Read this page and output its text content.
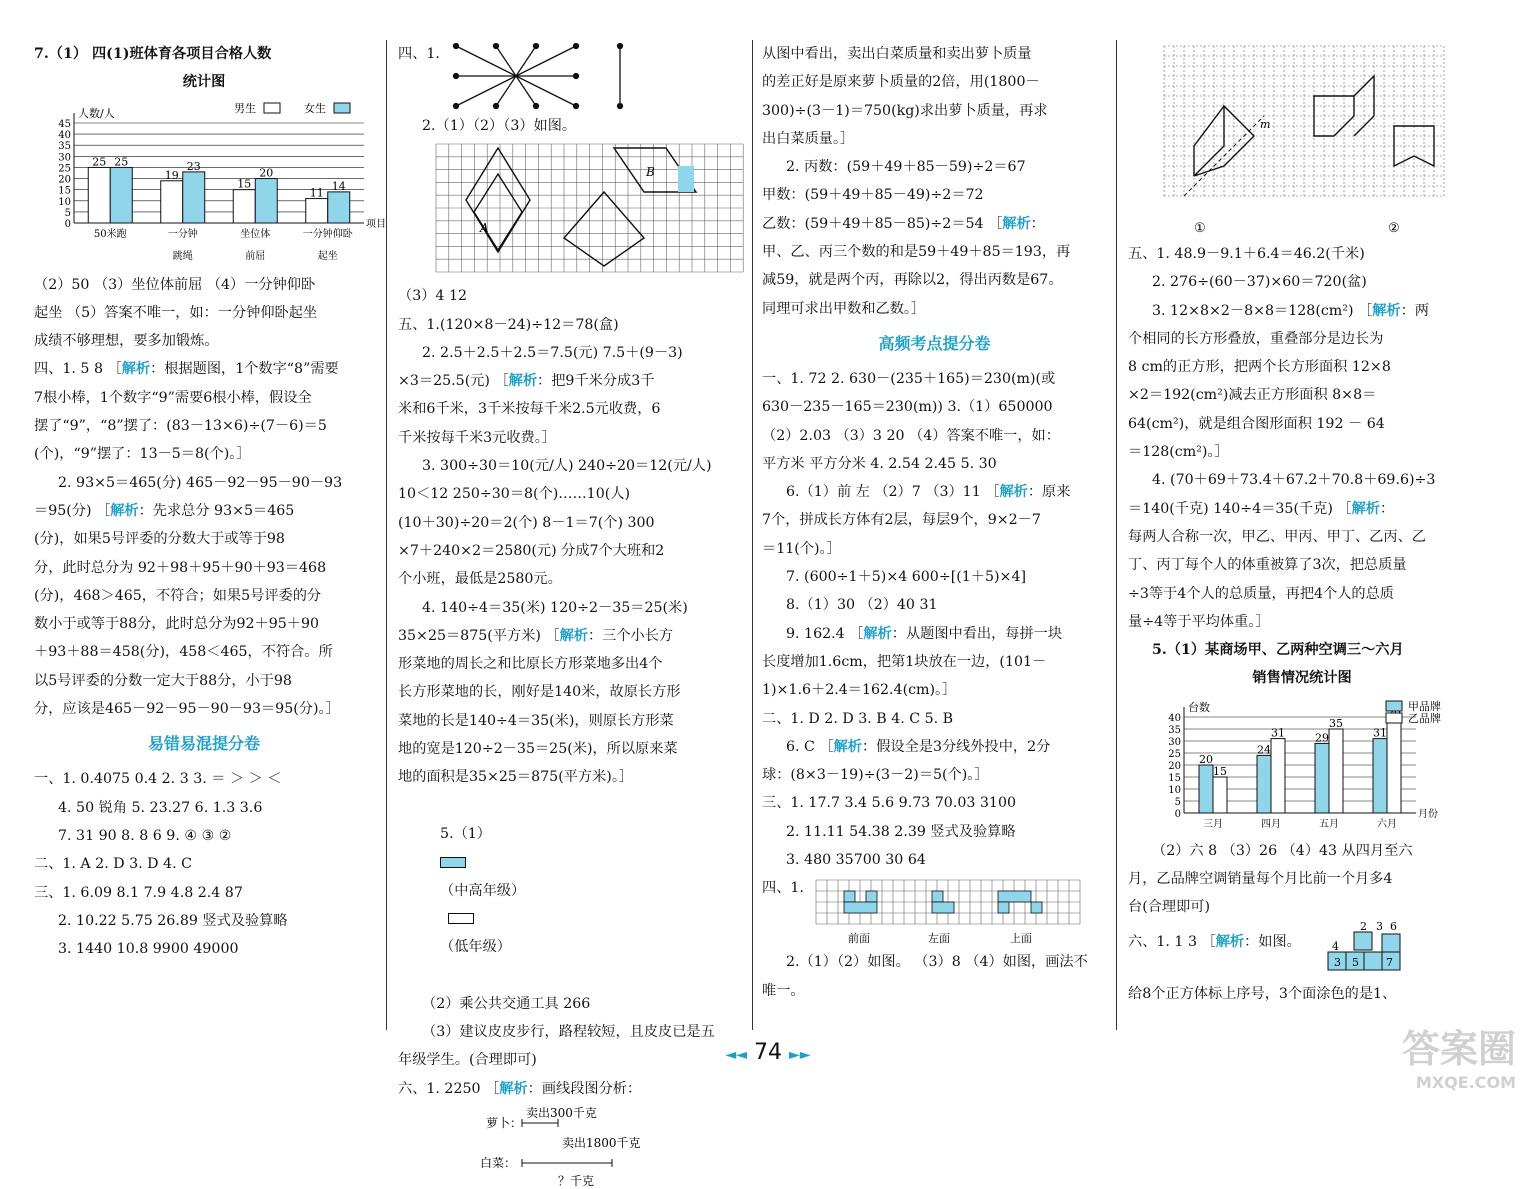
7.（1） 四(1)班体育各项目合格人数
统计图
0
5
10
15
20
25
30
35
40
45
人数/人
项目
25 25
50米跑
19
23
一分钟
跳绳
15
20
坐位体
前屈
11
14
一分钟仰卧
起坐
男生	女生
（2）50 （3）坐位体前屈 （4）一分钟仰卧
起坐 （5）答案不唯一，如：一分钟仰卧起坐
成绩不够理想，要多加锻炼。
四、1. 5 8 ［解析：根据题图，1个数字“8”需要
7根小棒，1个数字“9”需要6根小棒，假设全
摆了“9”，“8”摆了：(83－13×6)÷(7－6)＝5
(个)，“9”摆了：13－5＝8(个)。］
2. 93×5＝465(分) 465－92－95－90－93
＝95(分) ［解析：先求总分 93×5＝465
(分)，如果5号评委的分数大于或等于98
分，此时总分为 92＋98＋95＋90＋93＝468
(分)，468＞465，不符合；如果5号评委的分
数小于或等于88分，此时总分为92＋95＋90
＋93＋88＝458(分)，458＜465，不符合。所
以5号评委的分数一定大于88分，小于98
分，应该是465－92－95－90－93＝95(分)。］
易错易混提分卷
一、1. 0.4075 0.4 2. 3 3. ＝ ＞ ＞ ＜
4. 50 锐角 5. 23.27 6. 1.3 3.6
7. 31 90 8. 8 6 9. ④ ③ ②
二、1. A 2. D 3. D 4. C
三、1. 6.09 8.1 7.9 4.8 2.4 87
2. 10.22 5.75 26.89 竖式及验算略
3. 1440 10.8 9900 49000
四、1.
2.（1）（2）（3）如图。
A
B
（3）4 12
五、1.(120×8－24)÷12＝78(盒)
2. 2.5＋2.5＋2.5＝7.5(元) 7.5＋(9－3)
×3＝25.5(元) ［解析：把9千米分成3千
米和6千米，3千米按每千米2.5元收费，6
千米按每千米3元收费。］
3. 300÷30＝10(元/人) 240÷20＝12(元/人)
10＜12 250÷30＝8(个)……10(人)
(10＋30)÷20＝2(个) 8－1＝7(个) 300
×7＋240×2＝2580(元) 分成7个大班和2
个小班，最低是2580元。
4. 140÷4＝35(米) 120÷2－35＝25(米)
35×25＝875(平方米) ［解析：三个小长方
形菜地的周长之和比原长方形菜地多出4个
长方形菜地的长，刚好是140米，故原长方形
菜地的长是140÷4＝35(米)，则原长方形菜
地的宽是120÷2－35＝25(米)，所以原来菜
地的面积是35×25＝875(平方米)。］

5.（1）

（中高年级）

（低年级）

（2）乘公共交通工具 266
（3）建议皮皮步行，路程较短，且皮皮已是五
年级学生。(合理即可)
六、1. 2250 ［解析：画线段图分析：
萝卜：
卖出300千克
卖出1800千克
白菜：
？千克
从图中看出，卖出白菜质量和卖出萝卜质量
的差正好是原来萝卜质量的2倍，用(1800－
300)÷(3－1)＝750(kg)求出萝卜质量，再求
出白菜质量。］
2. 丙数：(59＋49＋85－59)÷2＝67
甲数：(59＋49＋85－49)÷2＝72
乙数：(59＋49＋85－85)÷2＝54 ［解析：
甲、乙、丙三个数的和是59＋49＋85＝193，再
减59，就是两个丙，再除以2，得出丙数是67。
同理可求出甲数和乙数。］
高频考点提分卷
一、1. 72 2. 630－(235＋165)＝230(m)(或
630－235－165＝230(m)) 3.（1）650000
（2）2.03 （3）3 20 （4）答案不唯一，如：
平方米 平方分米 4. 2.54 2.45 5. 30
6.（1）前 左 （2）7 （3）11 ［解析：原来
7个，拼成长方体有2层，每层9个，9×2－7
＝11(个)。］
7. (600÷1＋5)×4 600÷[(1＋5)×4]
8.（1）30 （2）40 31
9. 162.4 ［解析：从题图中看出，每拼一块
长度增加1.6cm，把第1块放在一边，(101－
1)×1.6＋2.4＝162.4(cm)。］
二、1. D 2. D 3. B 4. C 5. B
6. C ［解析：假设全是3分线外投中，2分
球：(8×3－19)÷(3－2)＝5(个)。］
三、1. 17.7 3.4 5.6 9.73 70.03 3100
2. 11.11 54.38 2.39 竖式及验算略
3. 480 35700 30 64
四、1.
前面	左面	上面
2.（1）（2）如图。 （3）8 （4）如图，画法不
唯一。
m
①	②
五、1. 48.9－9.1＋6.4＝46.2(千米)
2. 276÷(60－37)×60＝720(盆)
3. 12×8×2－8×8＝128(cm²) ［解析：两
个相同的长方形叠放，重叠部分是边长为
8 cm的正方形，把两个长方形面积 12×8
×2＝192(cm²)减去正方形面积 8×8＝
64(cm²)，就是组合图形面积 192 － 64
＝128(cm²)。］
4. (70＋69＋73.4＋67.2＋70.8＋69.6)÷3
＝140(千克) 140÷4＝35(千克) ［解析：
每两人合称一次，甲乙、甲丙、甲丁、乙丙、乙
丁、丙丁每个人的体重被算了3次，把总质量
÷3等于4个人的总质量，再把4个人的总质
量÷4等于平均体重。］
5.（1）某商场甲、乙两种空调三～六月
销售情况统计图
0
5
10
15
20
25
30
35
40
台数
月份
20
15
三月
24
31
四月
29
35
五月
31
六月
甲品牌
乙品牌
（2）六 8 （3）26 （4）43 从四月至六
月，乙品牌空调销量每个月比前一个月多4
台(合理即可)
六、1. 1 3 ［解析：如图。
2 3 6
4
3 5 7
给8个正方体标上序号，3个面涂色的是1、
◄◄ 74 ►►	答案圈
MXQE.COM
